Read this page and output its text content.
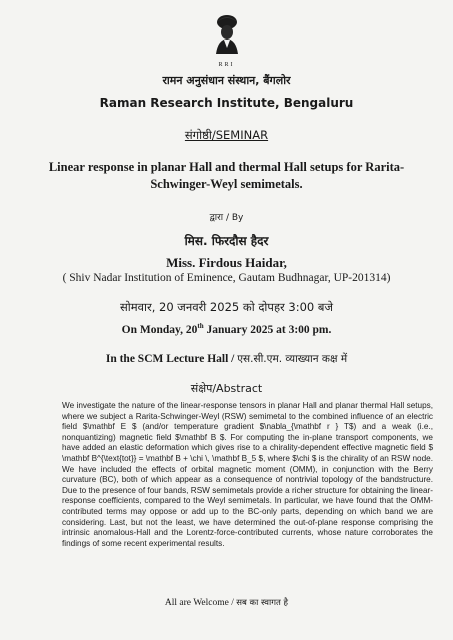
RRI
रामन अनुसंधान संस्थान, बैंगलोर
Raman Research Institute, Bengaluru
संगोष्ठी/SEMINAR
Linear response in planar Hall and thermal Hall setups for Rarita-Schwinger-Weyl semimetals.
द्वारा / By
मिस. फिरदौस हैदर
Miss. Firdous Haidar,
( Shiv Nadar Institution of Eminence, Gautam Budhnagar, UP-201314)
सोमवार, 20 जनवरी 2025 को दोपहर 3:00 बजे
On Monday, 20th January 2025 at 3:00 pm.
In the SCM Lecture Hall / एस.सी.एम. व्याख्यान कक्ष में
संक्षेप/Abstract
We investigate the nature of the linear-response tensors in planar Hall and planar thermal Hall setups, where we subject a Rarita-Schwinger-Weyl (RSW) semimetal to the combined influence of an electric field $\mathbf E $ (and/or temperature gradient $\nabla_{\mathbf r } T$) and a weak (i.e., nonquantizing) magnetic field $\mathbf B $. For computing the in-plane transport components, we have added an elastic deformation which gives rise to a chirality-dependent effective magnetic field $ \mathbf B^{\text{tot}} = \mathbf B + \chi \, \mathbf B_5 $, where $\chi $ is the chirality of an RSW node. We have included the effects of orbital magnetic moment (OMM), in conjunction with the Berry curvature (BC), both of which appear as a consequence of nontrivial topology of the bandstructure. Due to the presence of four bands, RSW semimetals provide a richer structure for obtaining the linear-response coefficients, compared to the Weyl semimetals. In particular, we have found that the OMM-contributed terms may oppose or add up to the BC-only parts, depending on which band we are considering. Last, but not the least, we have determined the out-of-plane response comprising the intrinsic anomalous-Hall and the Lorentz-force-contributed currents, whose nature corroborates the findings of some recent experimental results.
All are Welcome / सब का स्वागत है
